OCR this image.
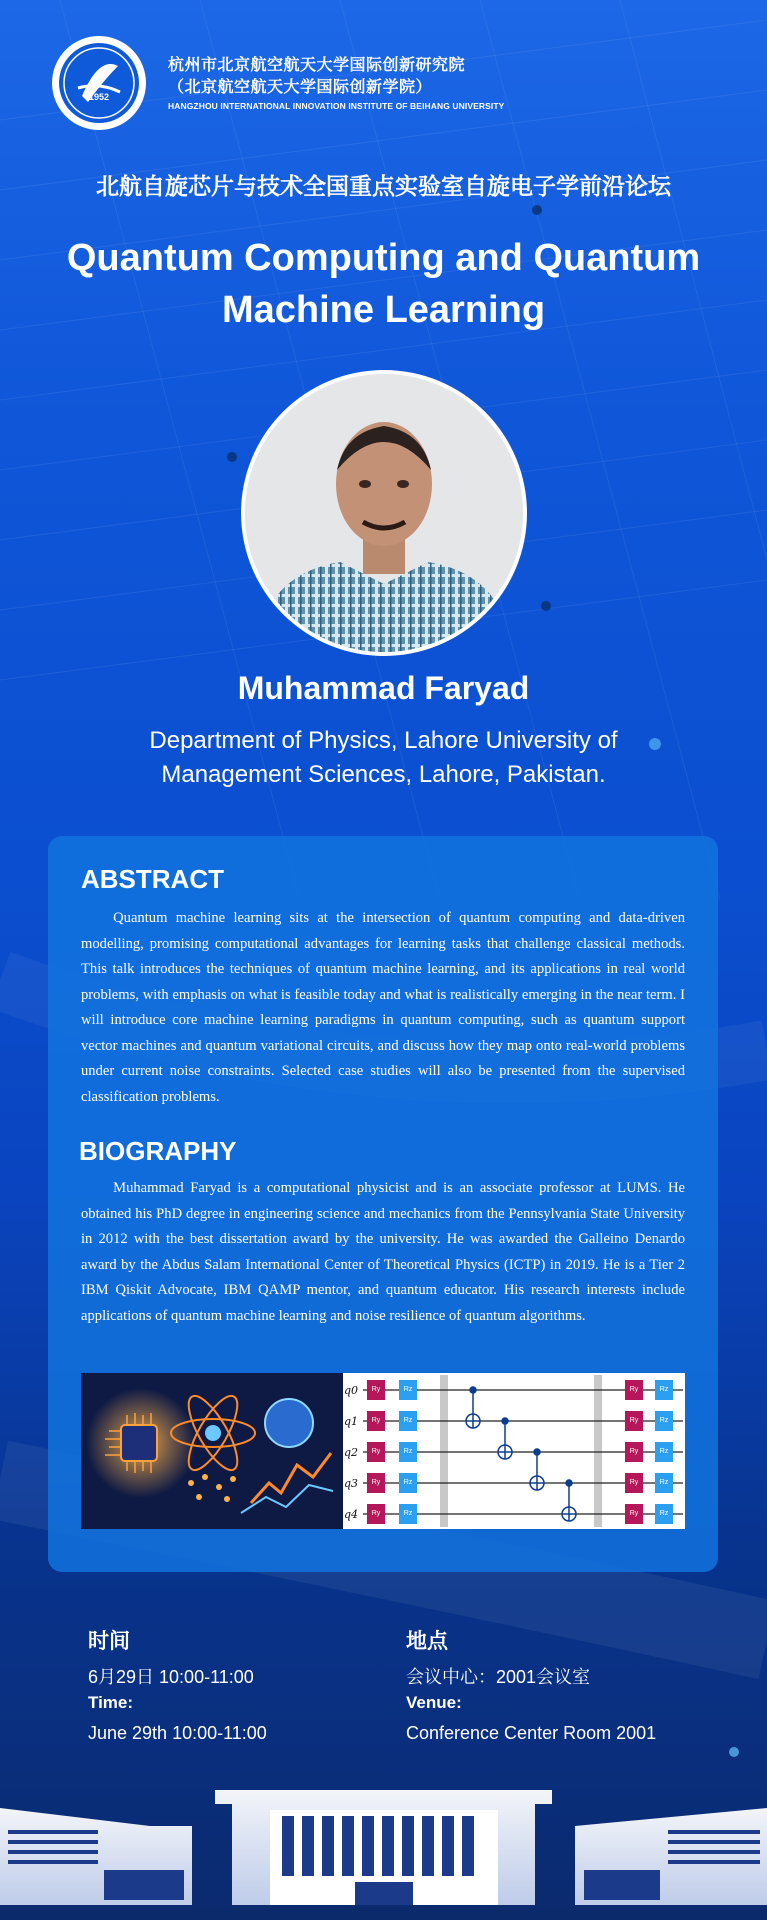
1952
杭州市北京航空航天大学国际创新研究院
（北京航空航天大学国际创新学院）
HANGZHOU INTERNATIONAL INNOVATION INSTITUTE OF BEIHANG UNIVERSITY
北航自旋芯片与技术全国重点实验室自旋电子学前沿论坛
Quantum Computing and Quantum Machine Learning
Muhammad Faryad
Department of Physics, Lahore University of Management Sciences, Lahore, Pakistan.
ABSTRACT
Quantum machine learning sits at the intersection of quantum computing and data-driven modelling, promising computational advantages for learning tasks that challenge classical methods. This talk introduces the techniques of quantum machine learning, and its applications in real world problems, with emphasis on what is feasible today and what is realistically emerging in the near term. I will introduce core machine learning paradigms in quantum computing, such as quantum support vector machines and quantum variational circuits, and discuss how they map onto real-world problems under current noise constraints. Selected case studies will also be presented from the supervised classification problems.
BIOGRAPHY
Muhammad Faryad is a computational physicist and is an associate professor at LUMS. He obtained his PhD degree in engineering science and mechanics from the Pennsylvania State University in 2012 with the best dissertation award by the university. He was awarded the Galleino Denardo award by the Abdus Salam International Center of Theoretical Physics (ICTP) in 2019. He is a Tier 2 IBM Qiskit Advocate, IBM QAMP mentor, and quantum educator. His research interests include applications of quantum machine learning and noise resilience of quantum algorithms.
q0
q1
q2
q3
q4
Ry	Rz
Ry	Rz
Ry	Rz
Ry	Rz
Ry	Rz
Ry	Rz
Ry	Rz
Ry	Rz
Ry	Rz
Ry	Rz
时间
6月29日 10:00-11:00
Time:
June 29th 10:00-11:00
地点
会议中心：2001会议室
Venue:
Conference Center Room 2001
